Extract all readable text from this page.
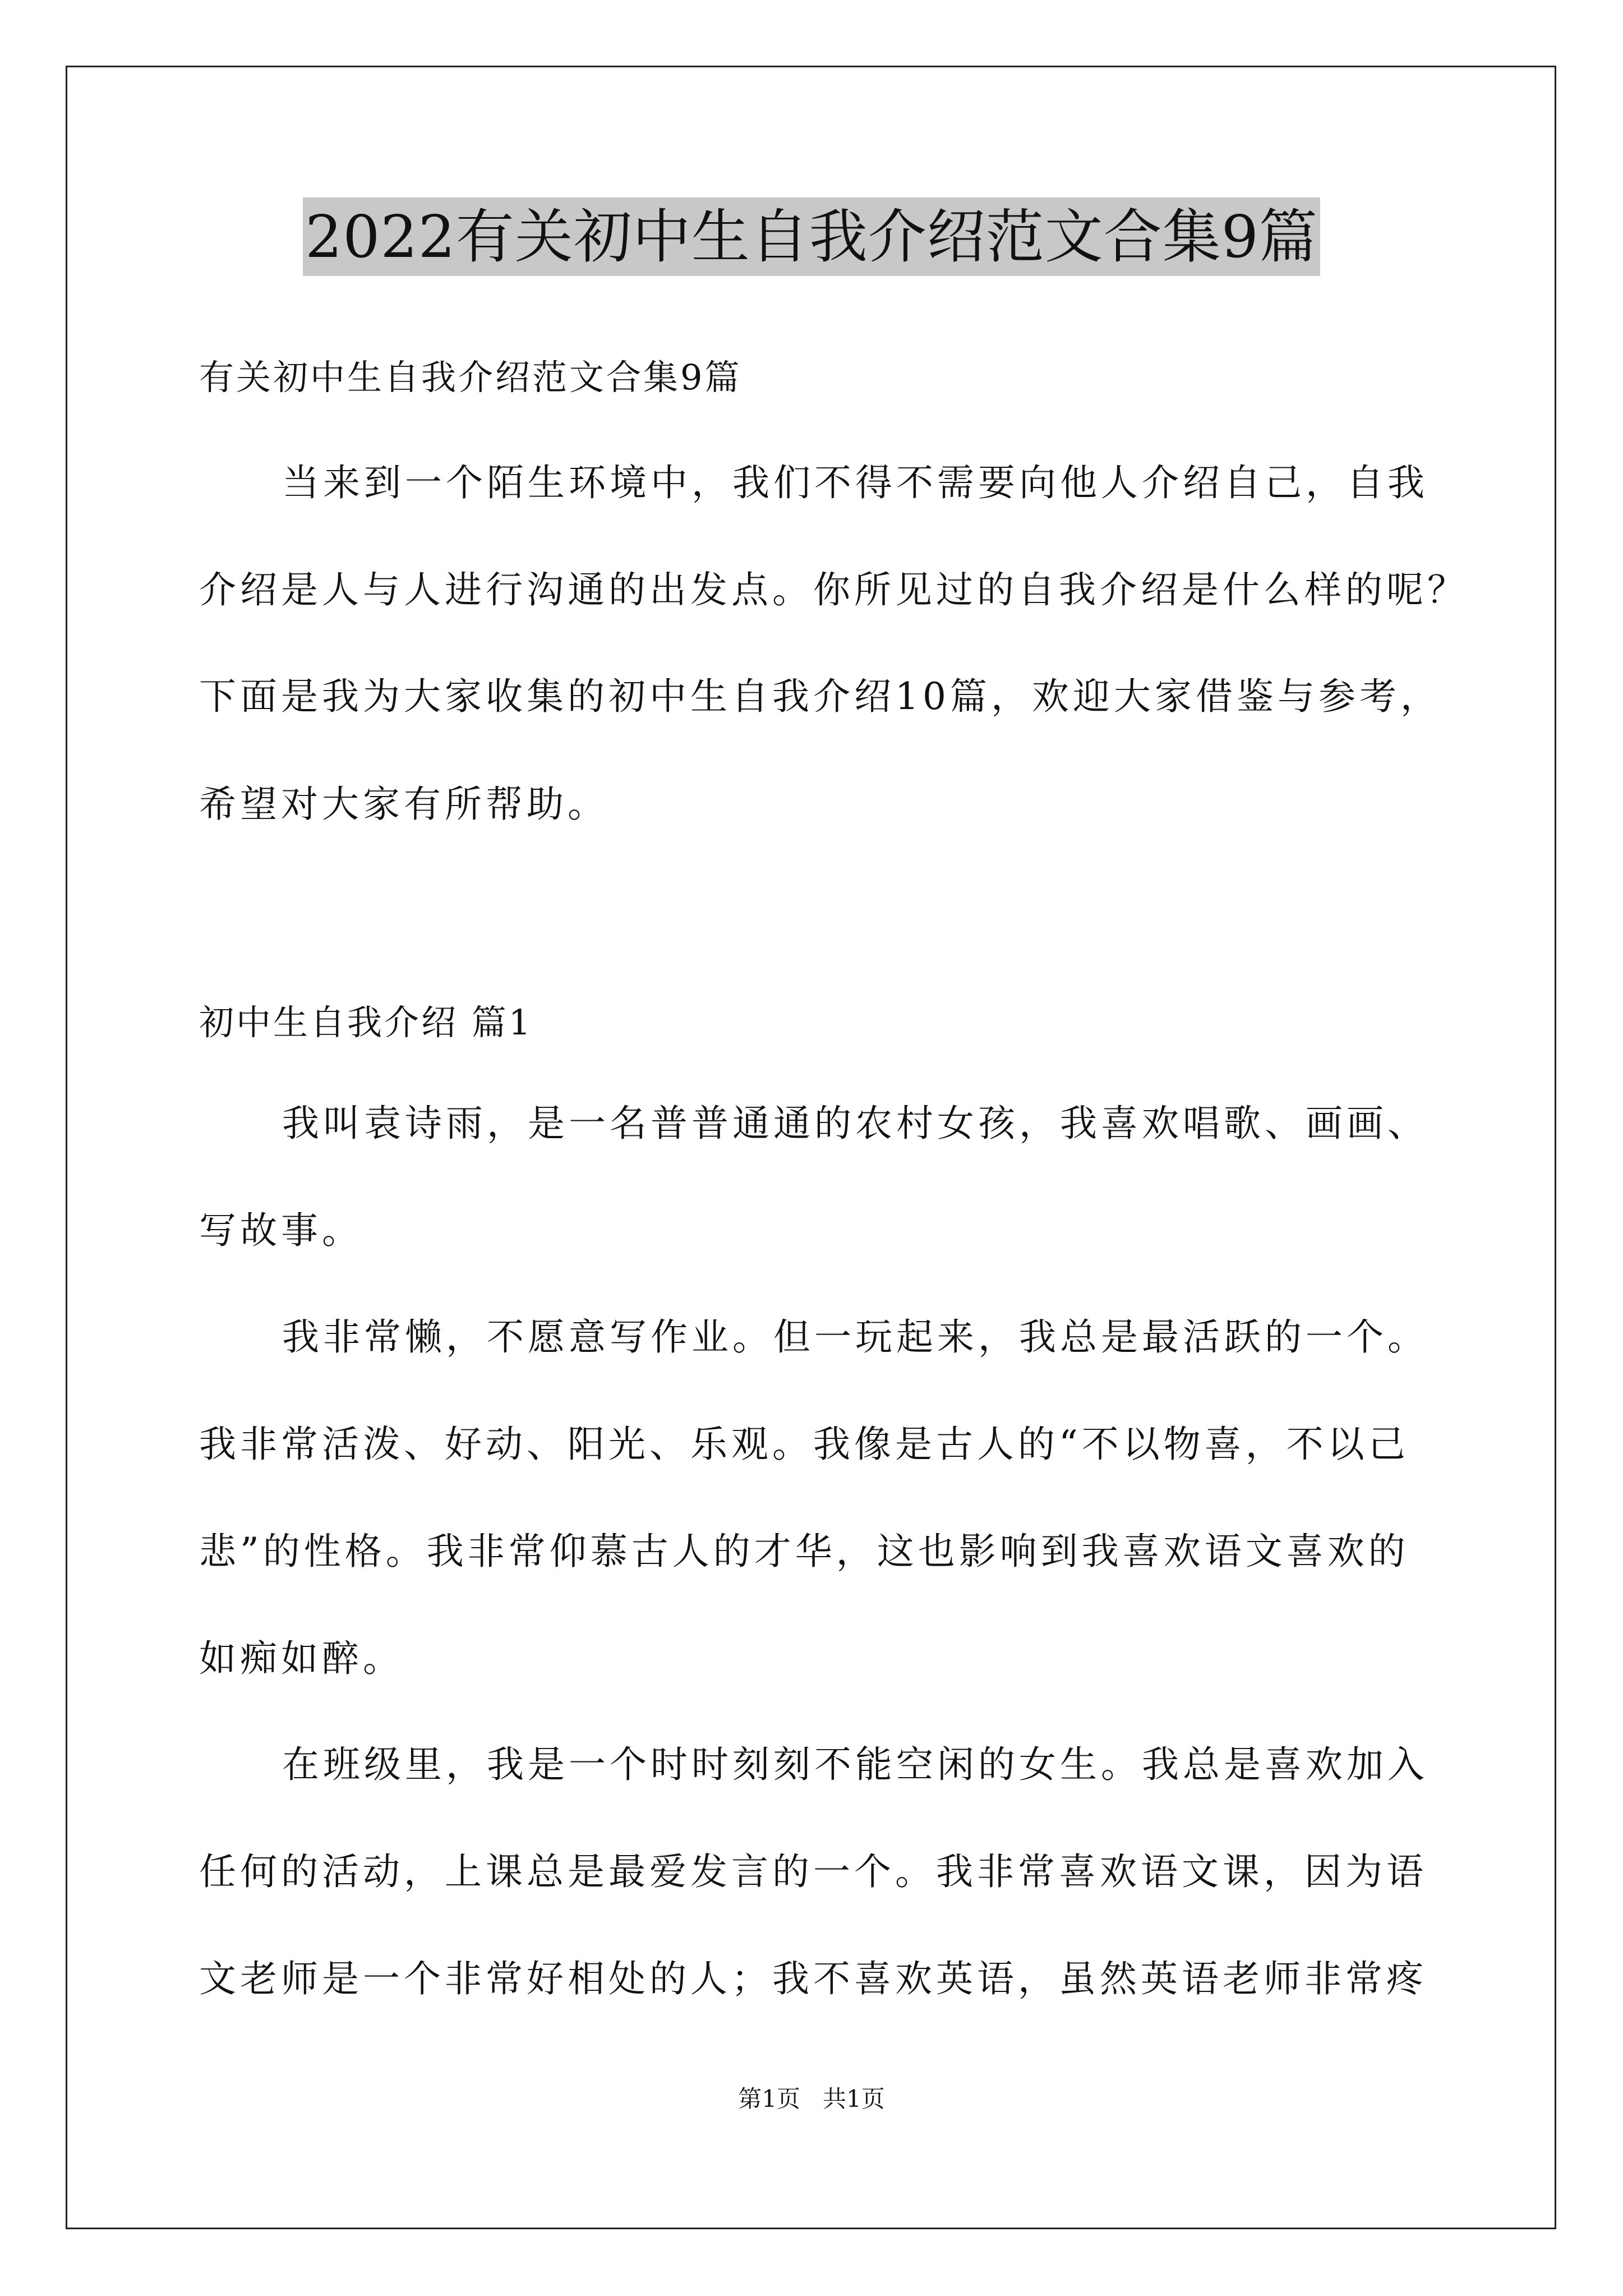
2022有关初中生自我介绍范文合集9篇
有关初中生自我介绍范文合集9篇
当来到一个陌生环境中，我们不得不需要向他人介绍自己，自我
介绍是人与人进行沟通的出发点。你所见过的自我介绍是什么样的呢？
下面是我为大家收集的初中生自我介绍10篇，欢迎大家借鉴与参考，
希望对大家有所帮助。
初中生自我介绍 篇1
我叫袁诗雨，是一名普普通通的农村女孩，我喜欢唱歌、画画、
写故事。
我非常懒，不愿意写作业。但一玩起来，我总是最活跃的一个。
我非常活泼、好动、阳光、乐观。我像是古人的“不以物喜，不以己
悲”的性格。我非常仰慕古人的才华，这也影响到我喜欢语文喜欢的
如痴如醉。
在班级里，我是一个时时刻刻不能空闲的女生。我总是喜欢加入
任何的活动，上课总是最爱发言的一个。我非常喜欢语文课，因为语
文老师是一个非常好相处的人；我不喜欢英语，虽然英语老师非常疼
第1页   共1页
